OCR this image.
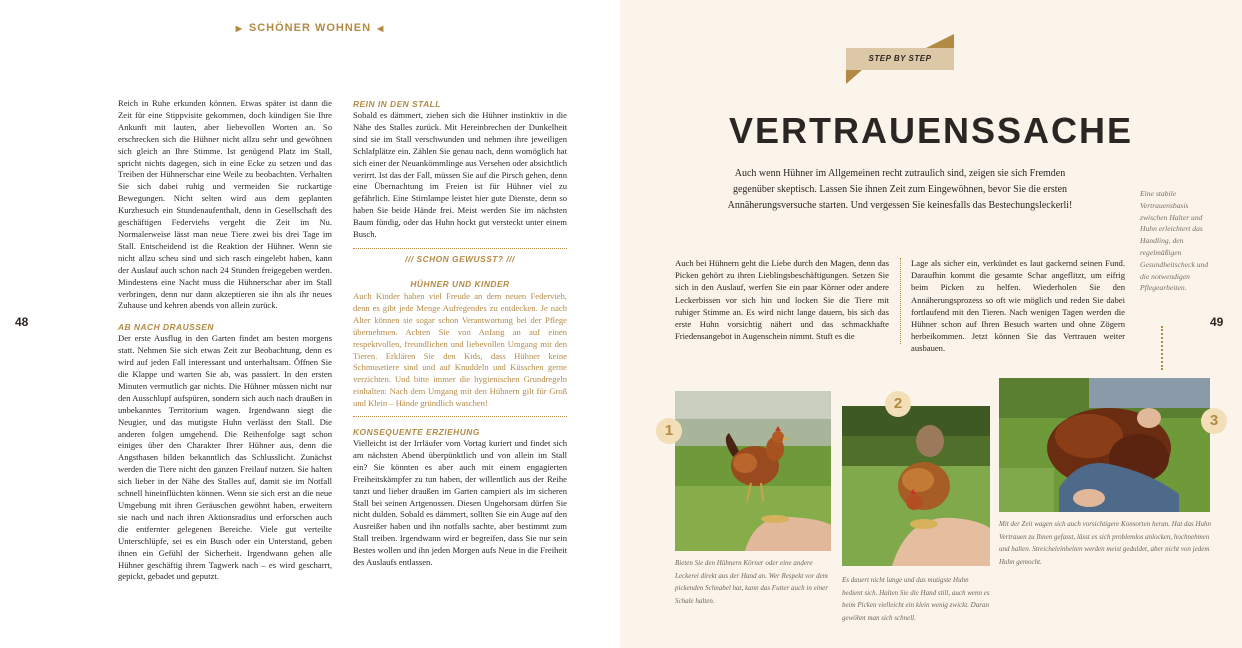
▶ SCHÖNER WOHNEN ◀

Reich in Ruhe erkunden können. Etwas später ist dann die Zeit für eine Stippvisite gekommen, doch kündigen Sie Ihre Ankunft mit lauten, aber liebevollen Worten an. So erschrecken sich die Hühner nicht allzu sehr und gewöhnen sich gleich an Ihre Stimme. Ist genügend Platz im Stall, spricht nichts dagegen, sich in eine Ecke zu setzen und das Treiben der Hühnerschar eine Weile zu beobachten. Verhalten Sie sich dabei ruhig und vermeiden Sie ruckartige Bewegungen. Nicht selten wird aus dem geplanten Kurzbesuch ein Stundenaufenthalt, denn in Gesellschaft des geschäftigen Federviehs vergeht die Zeit im Nu. Normalerweise lässt man neue Tiere zwei bis drei Tage im Stall. Entscheidend ist die Reaktion der Hühner. Wenn sie nicht allzu scheu sind und sich rasch eingelebt haben, kann der Auslauf auch schon nach 24 Stunden freigegeben werden. Mindestens eine Nacht muss die Hühnerschar aber im Stall verbringen, denn nur dann akzeptieren sie ihn als ihr neues Zuhause und kehren abends von allein zurück.

AB NACH DRAUSSEN

Der erste Ausflug in den Garten findet am besten morgens statt. Nehmen Sie sich etwas Zeit zur Beobachtung, denn es wird auf jeden Fall interessant und unterhaltsam. Öffnen Sie die Klappe und warten Sie ab, was passiert. In den ersten Minuten vermutlich gar nichts. Die Hühner müssen nicht nur den Ausschlupf aufspüren, sondern sich auch nach draußen in unbekanntes Territorium wagen. Irgendwann siegt die Neugier, und das mutigste Huhn verlässt den Stall. Die anderen folgen umgehend. Die Reihenfolge sagt schon einiges über den Charakter Ihrer Hühner aus, denn die Angsthasen bilden bekanntlich das Schlusslicht. Zunächst werden die Tiere nicht den ganzen Freilauf nutzen. Sie halten sich lieber in der Nähe des Stalles auf, damit sie im Notfall schnell hineinflüchten können. Wenn sie sich erst an die neue Umgebung mit ihren Geräuschen gewöhnt haben, erweitern sie nach und nach ihren Aktionsradius und erforschen auch die entfernter gelegenen Bereiche. Viele gut verteilte Unterschlüpfe, sei es ein Busch oder ein Unterstand, geben ihnen ein Gefühl der Sicherheit. Irgendwann gehen alle Hühner geschäftig ihrem Tagwerk nach – es wird gescharrt, gepickt, gebadet und geputzt.

REIN IN DEN STALL

Sobald es dämmert, ziehen sich die Hühner instinktiv in die Nähe des Stalles zurück. Mit Hereinbrechen der Dunkelheit sind sie im Stall verschwunden und nehmen ihre jeweiligen Schlafplätze ein. Zählen Sie genau nach, denn womöglich hat sich einer der Neuankömmlinge aus Versehen oder absichtlich verirrt. Ist das der Fall, müssen Sie auf die Pirsch gehen, denn eine Übernachtung im Freien ist für Hühner viel zu gefährlich. Eine Stirnlampe leistet hier gute Dienste, denn so haben Sie beide Hände frei. Meist werden Sie im nächsten Baum fündig, oder das Huhn hockt gut versteckt unter einem Busch.

/// SCHON GEWUSST? ///
HÜHNER UND KINDER

Auch Kinder haben viel Freude an dem neuen Federvieh, denn es gibt jede Menge Aufregendes zu entdecken. Je nach Alter können sie sogar schon Verantwortung bei der Pflege übernehmen. Achten Sie von Anfang an auf einen respektvollen, freundlichen und liebevollen Umgang mit den Tieren. Erklären Sie den Kids, dass Hühner keine Schmusetiere sind und auf Knuddeln und Küsschen gerne verzichten. Und bitte immer die hygienischen Grundregeln einhalten: Nach dem Umgang mit den Hühnern gilt für Groß und Klein – Hände gründlich waschen!

KONSEQUENTE ERZIEHUNG

Vielleicht ist der Irrläufer vom Vortag kuriert und findet sich am nächsten Abend überpünktlich und von allein im Stall ein? Sie könnten es aber auch mit einem engagierten Freiheitskämpfer zu tun haben, der willentlich aus der Reihe tanzt und lieber draußen im Garten campiert als im sicheren Stall bei seinen Artgenossen. Diesen Ungehorsam dürfen Sie nicht dulden. Sobald es dämmert, sollten Sie ein Auge auf den Ausreißer haben und ihn notfalls sachte, aber bestimmt zum Stall treiben. Irgendwann wird er begreifen, dass Sie nur sein Bestes wollen und ihn jeden Morgen aufs Neue in die Freiheit des Auslaufs entlassen.

48
STEP BY STEP
VERTRAUENSSACHE
Auch wenn Hühner im Allgemeinen recht zutraulich sind, zeigen sie sich Fremden gegenüber skeptisch. Lassen Sie ihnen Zeit zum Eingewöhnen, bevor Sie die ersten Annäherungsversuche starten. Und vergessen Sie keinesfalls das Bestechungsleckerli!
Eine stabile Vertrauensbasis zwischen Halter und Huhn erleichtert das Handling, den regelmäßigen Gesundheitscheck und die notwendigen Pflegearbeiten.
Auch bei Hühnern geht die Liebe durch den Magen, denn das Picken gehört zu ihren Lieblingsbeschäftigungen. Setzen Sie sich in den Auslauf, werfen Sie ein paar Körner oder andere Leckerbissen vor sich hin und locken Sie die Tiere mit ruhiger Stimme an. Es wird nicht lange dauern, bis sich das erste Huhn vorsichtig nähert und das schmackhafte Friedensangebot in Augenschein nimmt. Stuft es die
Lage als sicher ein, verkündet es laut gackernd seinen Fund. Daraufhin kommt die gesamte Schar angeflitzt, um eifrig beim Picken zu helfen. Wiederholen Sie den Annäherungsprozess so oft wie möglich und reden Sie dabei fortlaufend mit den Tieren. Nach wenigen Tagen werden die Hühner schon auf Ihren Besuch warten und ohne Zögern herbeikommen. Jetzt können Sie das Vertrauen weiter ausbauen.
49
1
Bieten Sie den Hühnern Körner oder eine andere Leckerei direkt aus der Hand an. Wer Respekt vor dem pickenden Schnabel hat, kann das Futter auch in einer Schale halten.
2
Es dauert nicht lange und das mutigste Huhn bedient sich. Halten Sie die Hand still, auch wenn es beim Picken vielleicht ein klein wenig zwickt. Daran gewöhnt man sich schnell.
3
Mit der Zeit wagen sich auch vorsichtigere Konsorten heran. Hat das Huhn Vertrauen zu Ihnen gefasst, lässt es sich problemlos anlocken, hochnehmen und halten. Streicheleinheiten werden meist geduldet, aber nicht von jedem Huhn gemocht.
